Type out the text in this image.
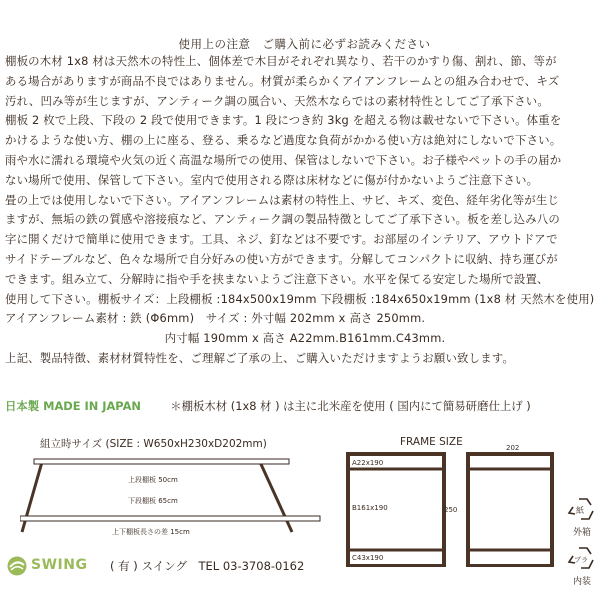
使用上の注意　ご購入前に必ずお読みください
棚板の木材 1x8 材は天然木の特性上、個体差で木目がそれぞれ異なり、若干のかすり傷、割れ、節、等が
ある場合がありますが商品不良ではありません。材質が柔らかくアイアンフレームとの組み合わせで、キズ
汚れ、凹み等が生じますが、アンティーク調の風合い、天然木ならではの素材特性としてご了承下さい。
棚板 2 枚で上段、下段の 2 段で使用できます。1 段につき約 3kg を超える物は載せないで下さい。体重を
かけるような使い方、棚の上に座る、登る、乗るなど過度な負荷がかかる使い方は絶対にしないで下さい。
雨や水に濡れる環境や火気の近く高温な場所での使用、保管はしないで下さい。お子様やペットの手の届か
ない場所で使用、保管して下さい。室内で使用される際は床材などに傷が付かないようご注意下さい。
畳の上では使用しないで下さい。アイアンフレームは素材の特性上、サビ、キズ、変色、経年劣化等が生じ
ますが、無垢の鉄の質感や溶接痕など、アンティーク調の製品特徴としてご了承下さい。板を差し込み八の
字に開くだけで簡単に使用できます。工具、ネジ、釘などは不要です。お部屋のインテリア、アウトドアで
サイドテーブルなど、色々な場所で自分好みの使い方ができます。分解してコンパクトに収納、持ち運びが
できます。組み立て、分解時に指や手を挟まないようご注意下さい。水平を保てる安定した場所で設置、
使用して下さい。棚板サイズ：上段棚板 :184x500x19mm 下段棚板 :184x650x19mm (1x8 材 天然木を使用)
アイアンフレーム素材 : 鉄 (Φ6mm)　サイズ : 外寸幅 202mm x 高さ 250mm.
内寸幅 190mm x 高さ A22mm.B161mm.C43mm.
上記、製品特徴、素材材質特性を、ご理解ご了承の上、ご購入いただけますようお願い致します。
日本製 MADE IN JAPAN	＊棚板木材 (1x8 材 ) は主に北米産を使用 ( 国内にて簡易研磨仕上げ )
組立時サイズ (SIZE : W650xH230xD202mm)	FRAME SIZE
上段棚板 50cm
下段棚板 65cm
上下棚板長さの差 15cm
A22x190
B161x190
C43x190
250
202
紙
外箱
プラ
内装
SWING ( 有 ) スイング　TEL 03-3708-0162
